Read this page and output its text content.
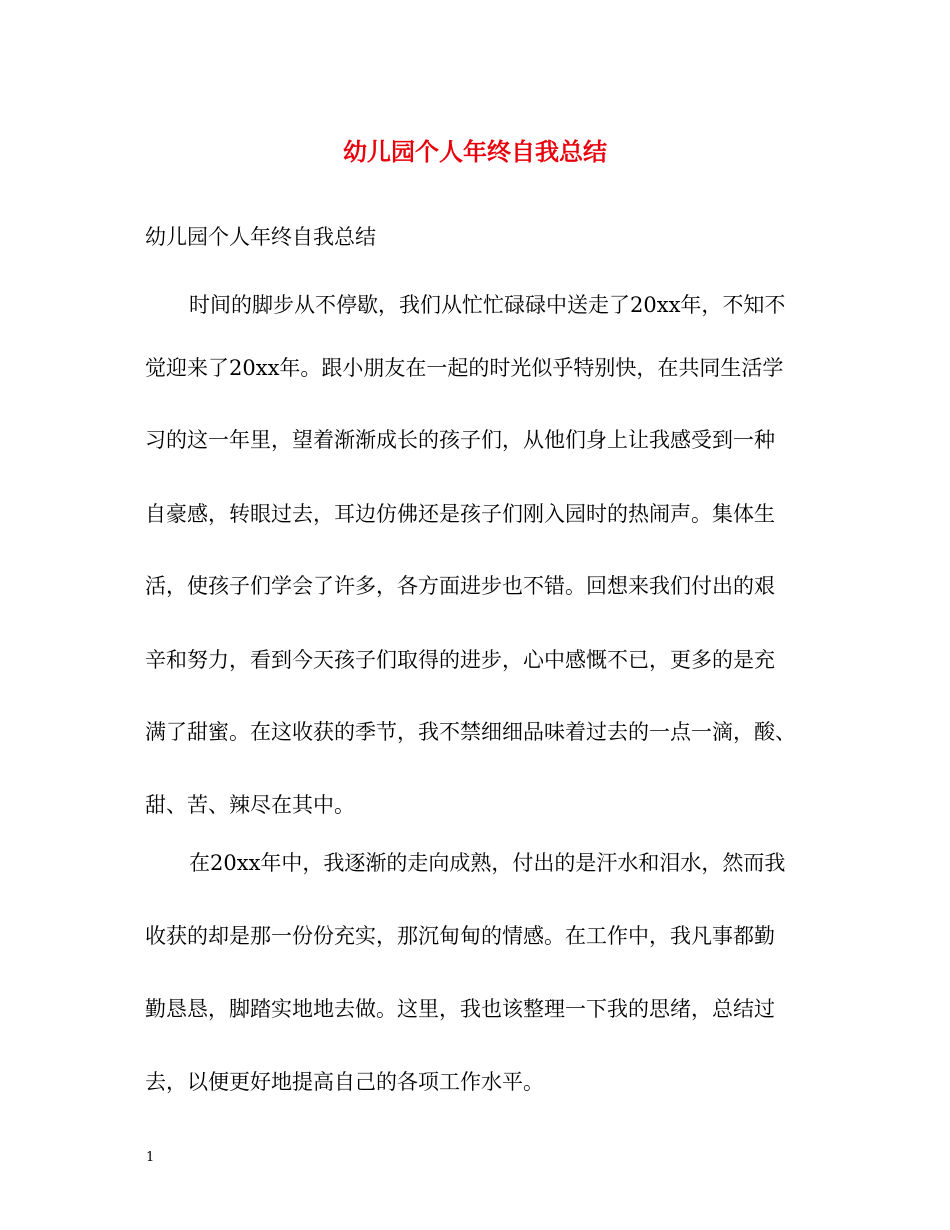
幼儿园个人年终自我总结

幼儿园个人年终自我总结

时间的脚步从不停歇，我们从忙忙碌碌中送走了20xx年，不知不

觉迎来了20xx年。跟小朋友在一起的时光似乎特别快，在共同生活学

习的这一年里，望着渐渐成长的孩子们，从他们身上让我感受到一种

自豪感，转眼过去，耳边仿佛还是孩子们刚入园时的热闹声。集体生

活，使孩子们学会了许多，各方面进步也不错。回想来我们付出的艰

辛和努力，看到今天孩子们取得的进步，心中感慨不已，更多的是充

满了甜蜜。在这收获的季节，我不禁细细品味着过去的一点一滴，酸、

甜、苦、辣尽在其中。

在20xx年中，我逐渐的走向成熟，付出的是汗水和泪水，然而我

收获的却是那一份份充实，那沉甸甸的情感。在工作中，我凡事都勤

勤恳恳，脚踏实地地去做。这里，我也该整理一下我的思绪，总结过

去，以便更好地提高自己的各项工作水平。

1
